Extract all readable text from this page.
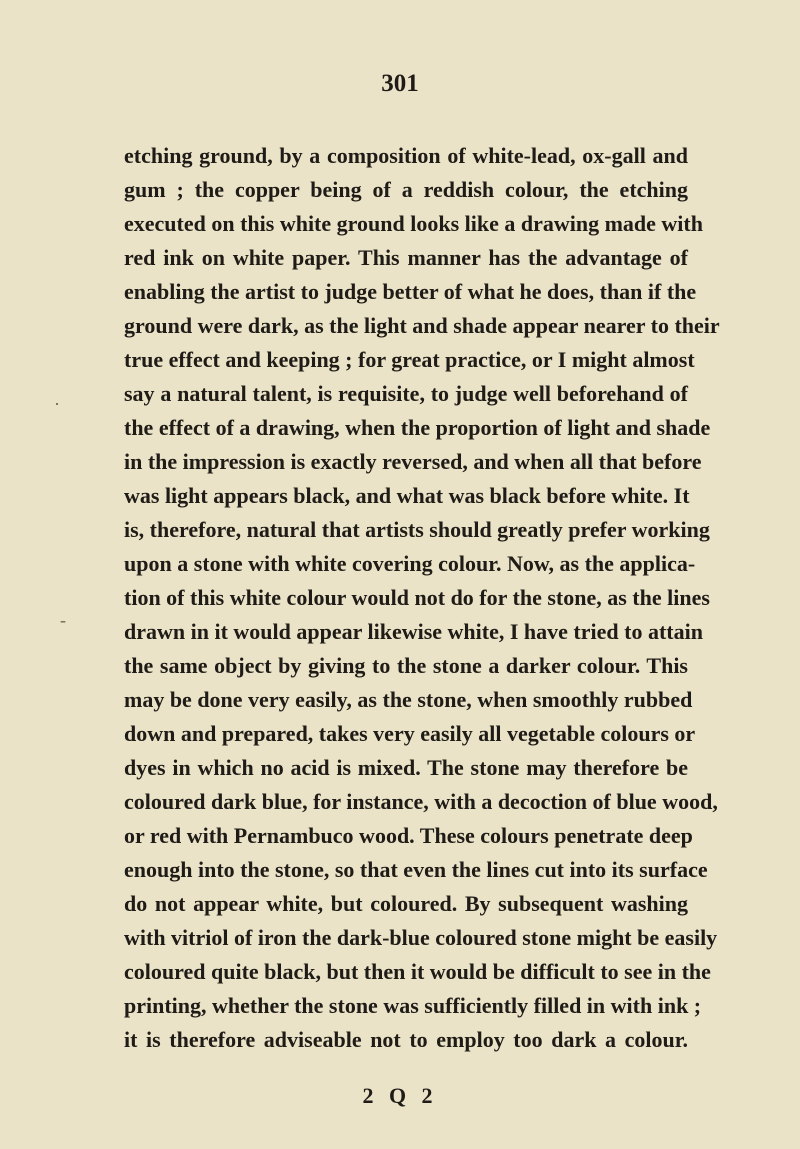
301
etching ground, by a composition of white-lead, ox-gall and
gum ; the copper being of a reddish colour, the etching
executed on this white ground looks like a drawing made with
red ink on white paper. This manner has the advantage of
enabling the artist to judge better of what he does, than if the
ground were dark, as the light and shade appear nearer to their
true effect and keeping ; for great practice, or I might almost
say a natural talent, is requisite, to judge well beforehand of
the effect of a drawing, when the proportion of light and shade
in the impression is exactly reversed, and when all that before
was light appears black, and what was black before white. It
is, therefore, natural that artists should greatly prefer working
upon a stone with white covering colour. Now, as the applica-
tion of this white colour would not do for the stone, as the lines
drawn in it would appear likewise white, I have tried to attain
the same object by giving to the stone a darker colour. This
may be done very easily, as the stone, when smoothly rubbed
down and prepared, takes very easily all vegetable colours or
dyes in which no acid is mixed. The stone may therefore be
coloured dark blue, for instance, with a decoction of blue wood,
or red with Pernambuco wood. These colours penetrate deep
enough into the stone, so that even the lines cut into its surface
do not appear white, but coloured. By subsequent washing
with vitriol of iron the dark-blue coloured stone might be easily
coloured quite black, but then it would be difficult to see in the
printing, whether the stone was sufficiently filled in with ink ;
it is therefore adviseable not to employ too dark a colour.
2 Q 2
·
-
